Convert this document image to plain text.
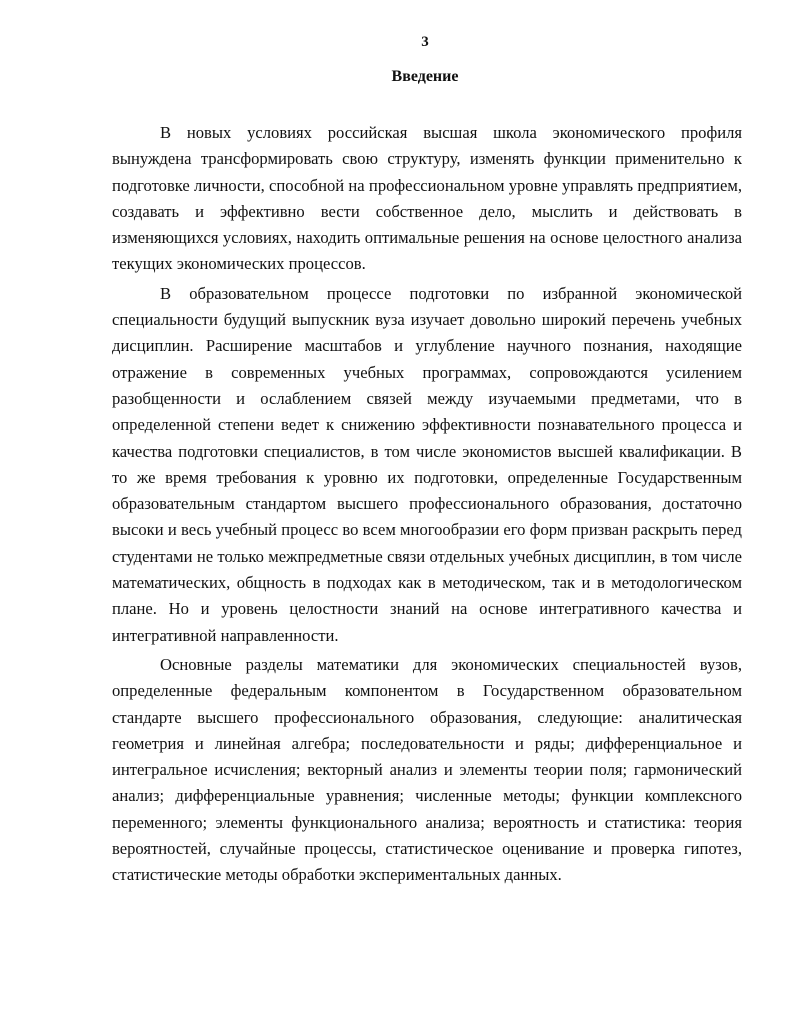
3
Введение

В новых условиях российская высшая школа экономического профиля вынуждена трансформировать свою структуру, изменять функции применительно к подготовке личности, способной на профессиональном уровне управлять предприятием, создавать и эффективно вести собственное дело, мыслить и действовать в изменяющихся условиях, находить оптимальные решения на основе целостного анализа текущих экономических процессов.

В образовательном процессе подготовки по избранной экономической специальности будущий выпускник вуза изучает довольно широкий перечень учебных дисциплин. Расширение масштабов и углубление научного познания, находящие отражение в современных учебных программах, сопровождаются усилением разобщенности и ослаблением связей между изучаемыми предметами, что в определенной степени ведет к снижению эффективности познавательного процесса и качества подготовки специалистов, в том числе экономистов высшей квалификации. В то же время требования к уровню их подготовки, определенные Государственным образовательным стандартом высшего профессионального образования, достаточно высоки и весь учебный процесс во всем многообразии его форм призван раскрыть перед студентами не только межпредметные связи отдельных учебных дисциплин, в том числе математических, общность в подходах как в методическом, так и в методологическом плане. Но и уровень целостности знаний на основе интегративного качества и интегративной направленности.

Основные разделы математики для экономических специальностей вузов, определенные федеральным компонентом в Государственном образовательном стандарте высшего профессионального образования, следующие: аналитическая геометрия и линейная алгебра; последовательности и ряды; дифференциальное и интегральное исчисления; векторный анализ и элементы теории поля; гармонический анализ; дифференциальные уравнения; численные методы; функции комплексного переменного; элементы функционального анализа; вероятность и статистика: теория вероятностей, случайные процессы, статистическое оценивание и проверка гипотез, статистические методы обработки экспериментальных данных.
